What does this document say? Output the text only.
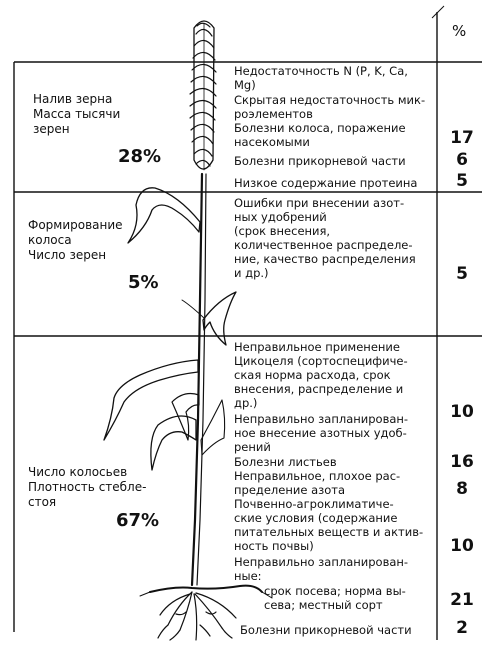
%
Налив зерна
Масса тысячи
зерен
28%
Недостаточность N (P, K, Ca,
Mg)
Скрытая недостаточность мик-
роэлементов
Болезни колоса, поражение
насекомыми	17
Болезни прикорневой части	6
Низкое содержание протеина	5
Формирование
колоса
Число зерен
5%
Ошибки при внесении азот-
ных удобрений
(срок внесения,
количественное распределе-
ние, качество распределения
и др.)	5
Число колосьев
Плотность стебле-
стоя
67%
Неправильное применение
Цикоцеля (сортоспецифиче-
ская норма расхода, срок
внесения, распределение и
др.)	10
Неправильно запланирован-
ное внесение азотных удоб-
рений
Болезни листьев	16
Неправильное, плохое рас-
пределение азота	8
Почвенно-агроклиматиче-
ские условия (содержание
питательных веществ и актив-
ность почвы)	10
Неправильно запланирован-
ные:
срок посева; норма вы-
сева; местный сорт	21
Болезни прикорневой части	2
